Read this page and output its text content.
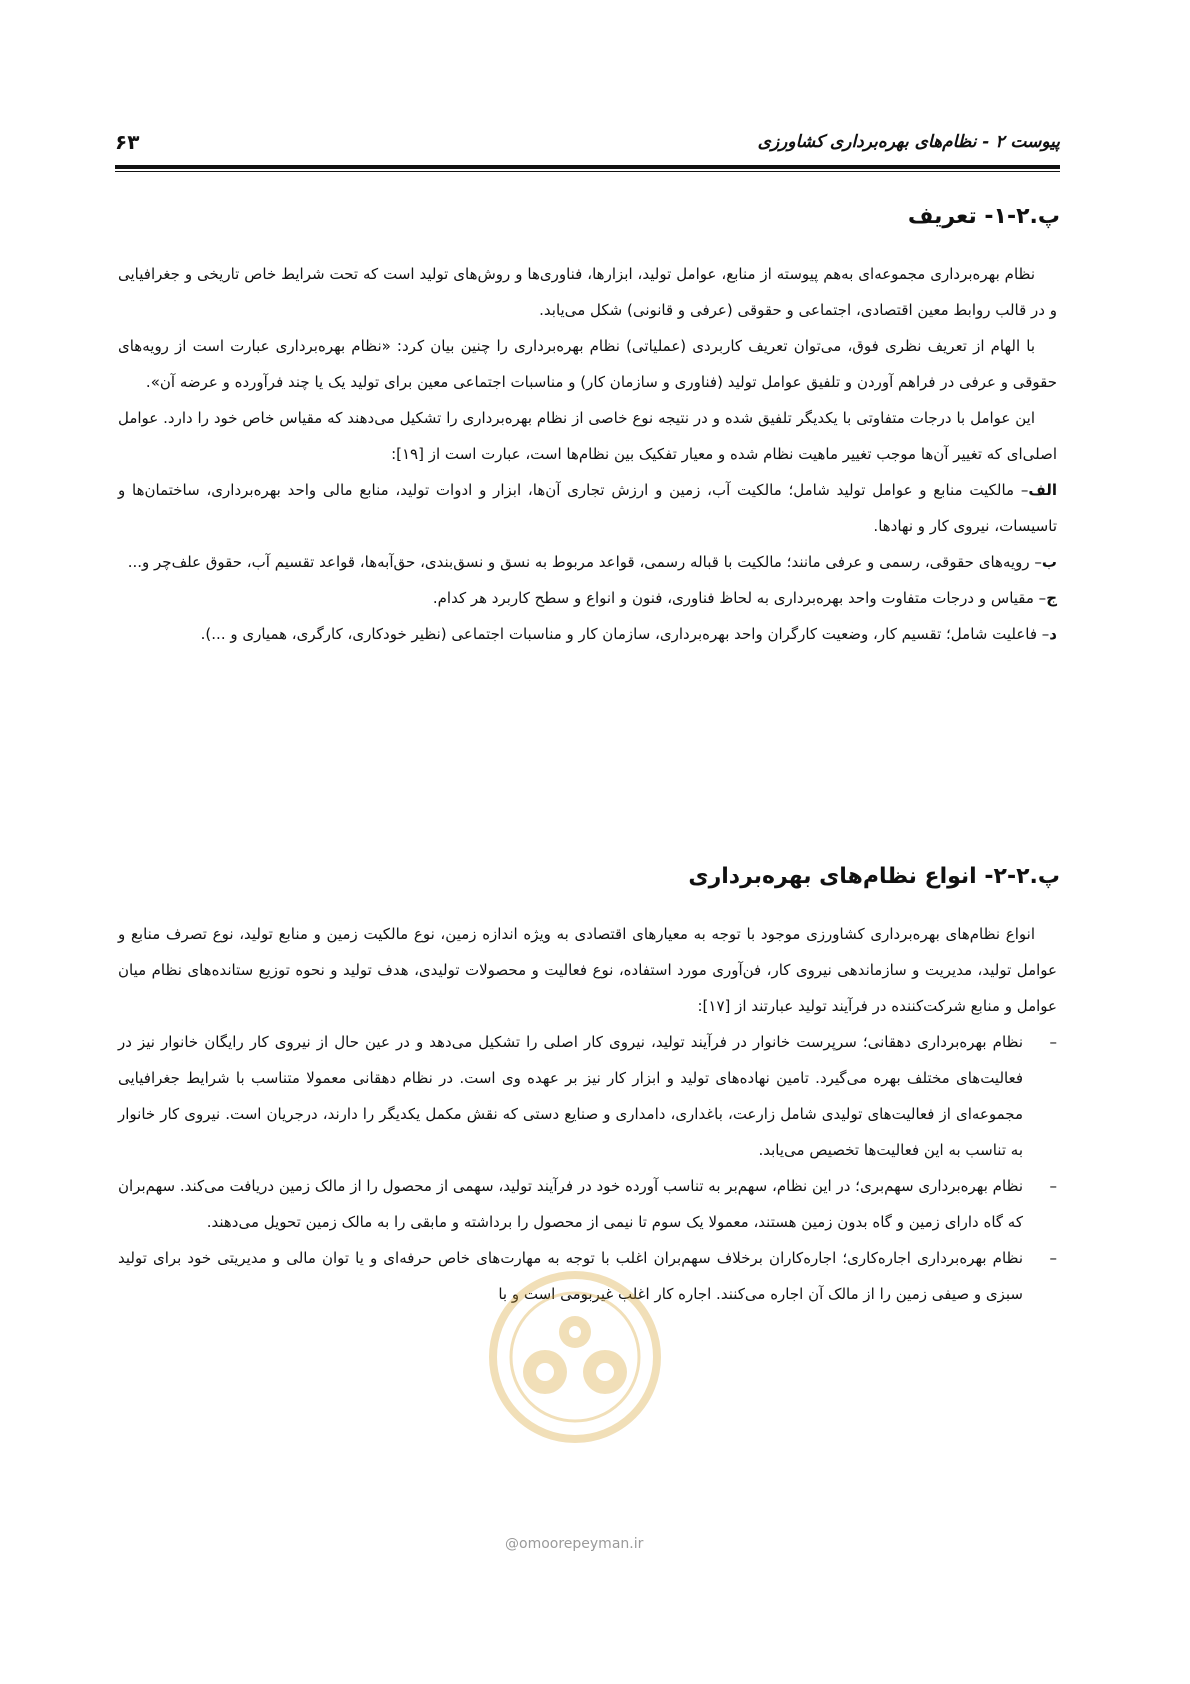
پیوست ۲ - نظام‌های بهره‌برداری کشاورزی
۶۳
پ.۲-۱- تعریف

نظام بهره‌برداری مجموعه‌ای به‌هم پیوسته از منابع، عوامل تولید، ابزارها، فناوری‌ها و روش‌های تولید است که تحت شرایط خاص تاریخی و جغرافیایی و در قالب روابط معین اقتصادی، اجتماعی و حقوقی (عرفی و قانونی) شکل می‌یابد.

با الهام از تعریف نظری فوق، می‌توان تعریف کاربردی (عملیاتی) نظام بهره‌برداری را چنین بیان کرد: «نظام بهره‌برداری عبارت است از رویه‌های حقوقی و عرفی در فراهم آوردن و تلفیق عوامل تولید (فناوری و سازمان کار) و مناسبات اجتماعی معین برای تولید یک یا چند فرآورده و عرضه آن».

این عوامل با درجات متفاوتی با یکدیگر تلفیق شده و در نتیجه نوع خاصی از نظام بهره‌برداری را تشکیل می‌دهند که مقیاس خاص خود را دارد. عوامل اصلی‌ای که تغییر آن‌ها موجب تغییر ماهیت نظام شده و معیار تفکیک بین نظام‌ها است، عبارت است از [۱۹]:

الف– مالکیت منابع و عوامل تولید شامل؛ مالکیت آب، زمین و ارزش تجاری آن‌ها، ابزار و ادوات تولید، منابع مالی واحد بهره‌برداری، ساختمان‌ها و تاسیسات، نیروی کار و نهادها.

ب– رویه‌های حقوقی، رسمی و عرفی مانند؛ مالکیت با قباله رسمی، قواعد مربوط به نسق و نسق‌بندی، حق‌آبه‌ها، قواعد تقسیم آب، حقوق علف‌چر و...

ج– مقیاس و درجات متفاوت واحد بهره‌برداری به لحاظ فناوری، فنون و انواع و سطح کاربرد هر کدام.

د– فاعلیت شامل؛ تقسیم کار، وضعیت کارگران واحد بهره‌برداری، سازمان کار و مناسبات اجتماعی (نظیر خودکاری، کارگری، همیاری و ...).

پ.۲-۲- انواع نظام‌های بهره‌برداری

انواع نظام‌های بهره‌برداری کشاورزی موجود با توجه به معیارهای اقتصادی به ویژه اندازه زمین، نوع مالکیت زمین و منابع تولید، نوع تصرف منابع و عوامل تولید، مدیریت و سازماندهی نیروی کار، فن‌آوری مورد استفاده، نوع فعالیت و محصولات تولیدی، هدف تولید و نحوه توزیع ستانده‌های نظام میان عوامل و منابع شرکت‌کننده در فرآیند تولید عبارتند از [۱۷]:

–
نظام بهره‌برداری دهقانی؛ سرپرست خانوار در فرآیند تولید، نیروی کار اصلی را تشکیل می‌دهد و در عین حال از نیروی کار رایگان خانوار نیز در فعالیت‌های مختلف بهره می‌گیرد. تامین نهاده‌های تولید و ابزار کار نیز بر عهده وی است. در نظام دهقانی معمولا متناسب با شرایط جغرافیایی مجموعه‌ای از فعالیت‌های تولیدی شامل زارعت، باغداری، دامداری و صنایع دستی که نقش مکمل یکدیگر را دارند، درجریان است. نیروی کار خانوار به تناسب به این فعالیت‌ها تخصیص می‌یابد.
–
نظام بهره‌برداری سهم‌بری؛ در این نظام، سهم‌بر به تناسب آورده خود در فرآیند تولید، سهمی از محصول را از مالک زمین دریافت می‌کند. سهم‌بران که گاه دارای زمین و گاه بدون زمین هستند، معمولا یک سوم تا نیمی از محصول را برداشته و مابقی را به مالک زمین تحویل می‌دهند.
–
نظام بهره‌برداری اجاره‌کاری؛ اجاره‌کاران برخلاف سهم‌بران اغلب با توجه به مهارت‌های خاص حرفه‌ای و یا توان مالی و مدیریتی خود برای تولید سبزی و صیفی زمین را از مالک آن اجاره می‌کنند. اجاره کار اغلب غیربومی است و با
@omoorepeyman.ir
